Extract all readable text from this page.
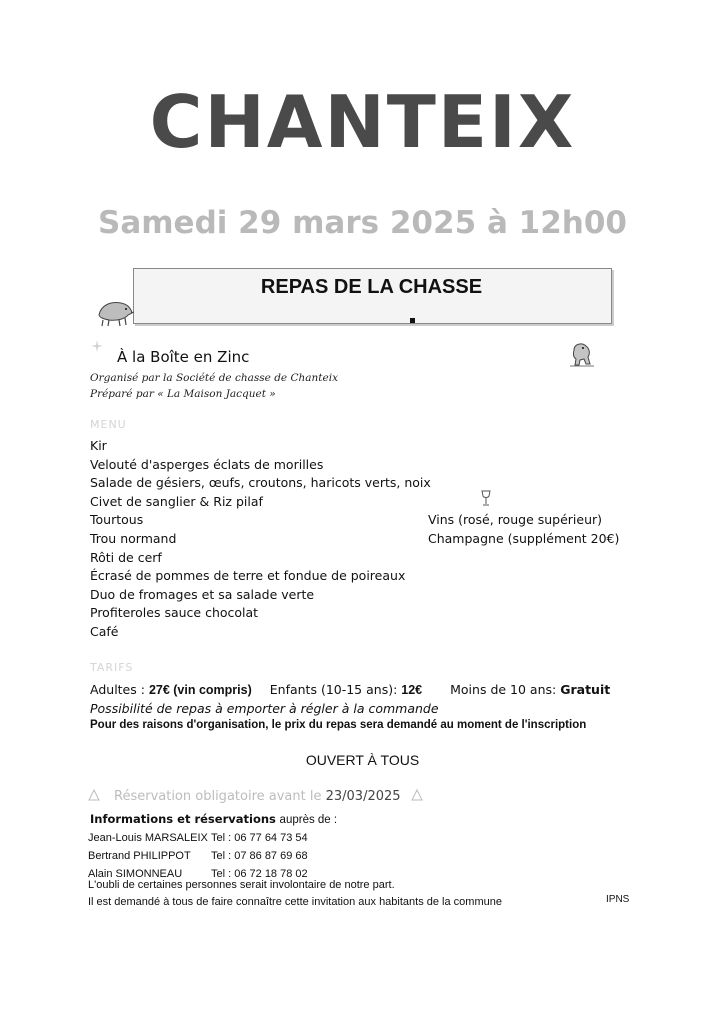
CHANTEIX
Samedi 29 mars 2025 à 12h00
REPAS DE LA CHASSE
À la Boîte en Zinc
Organisé par la Société de chasse de Chanteix
Préparé par « La Maison Jacquet »
MENU
Kir
Velouté d'asperges éclats de morilles
Salade de gésiers, œufs, croutons, haricots verts, noix
Civet de sanglier & Riz pilaf
Tourtous
Trou normand
Rôti de cerf
Écrasé de pommes de terre et fondue de poireaux
Duo de fromages et sa salade verte
Profiteroles sauce chocolat
Café
Vins (rosé, rouge supérieur)
Champagne (supplément 20€)
TARIFS
Adultes : 27€ (vin compris) Enfants (10-15 ans): 12€ Moins de 10 ans: Gratuit
Possibilité de repas à emporter à régler à la commande
Pour des raisons d'organisation, le prix du repas sera demandé au moment de l'inscription
OUVERT À TOUS
Réservation obligatoire avant le 23/03/2025
Informations et réservations auprès de :
Jean-Louis MARSALEIX Tel : 06 77 64 73 54
Bertrand PHILIPPOT Tel : 07 86 87 69 68
Alain SIMONNEAU	Tel : 06 72 18 78 02
L'oubli de certaines personnes serait involontaire de notre part.
Il est demandé à tous de faire connaître cette invitation aux habitants de la commune	IPNS
